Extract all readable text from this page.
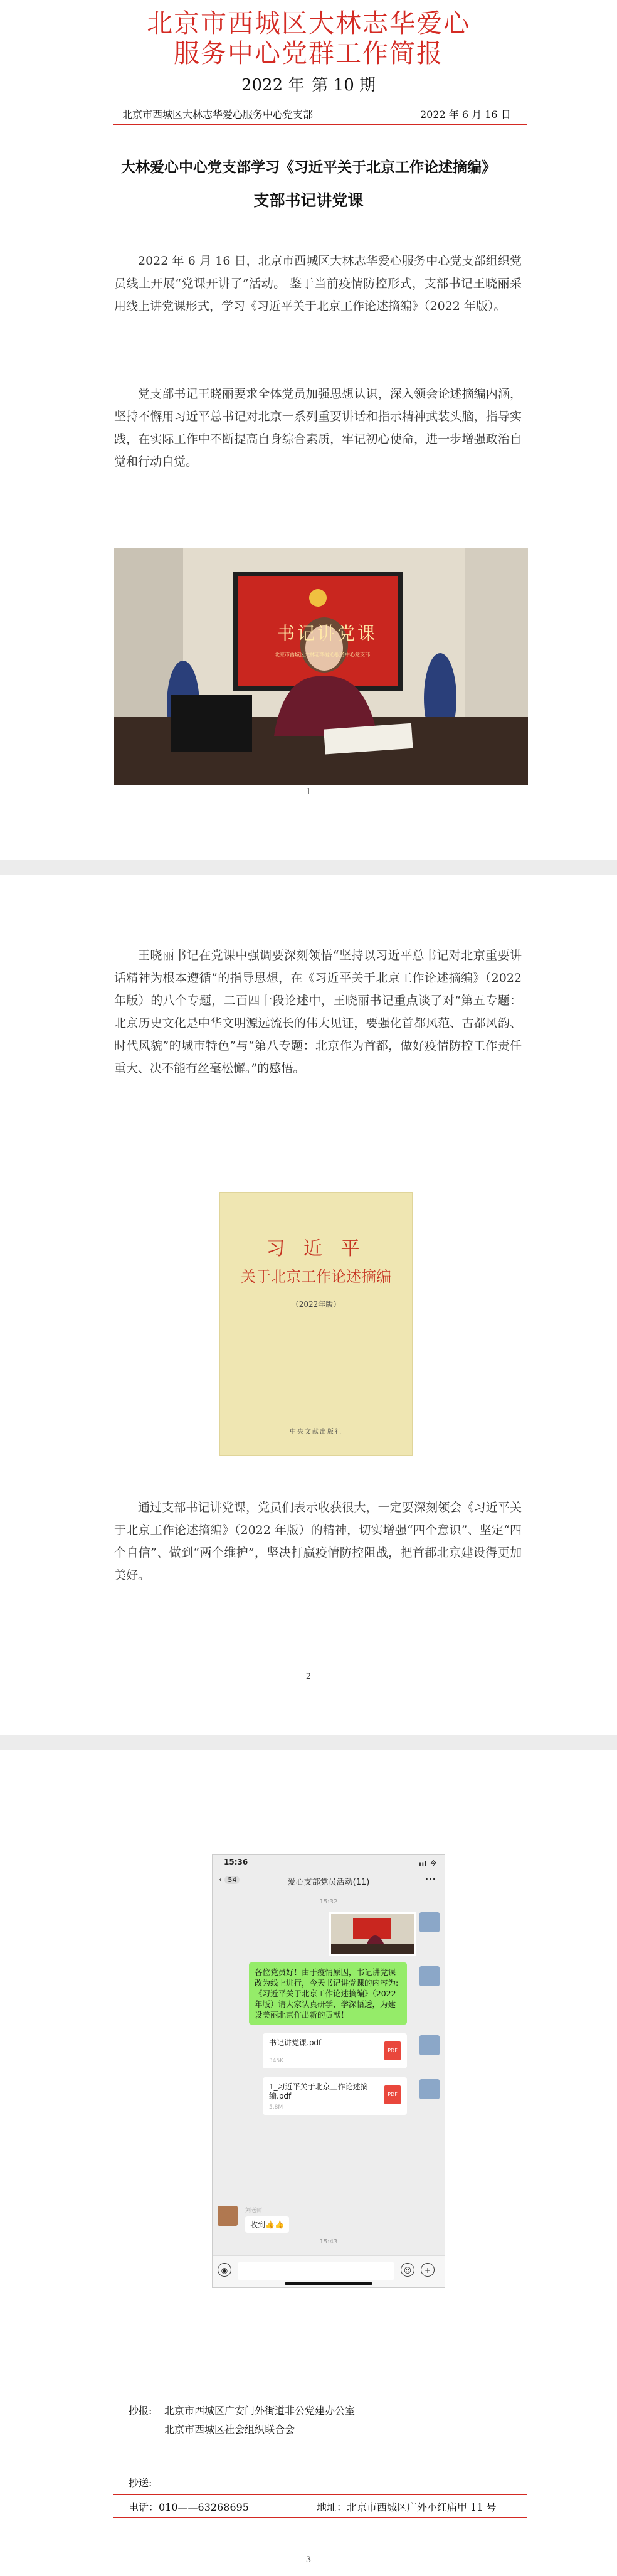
北京市西城区大林志华爱心
服务中心党群工作简报
2022 年 第 10 期
北京市西城区大林志华爱心服务中心党支部	2022 年 6 月 16 日
大林爱心中心党支部学习《习近平关于北京工作论述摘编》
支部书记讲党课
2022 年 6 月 16 日，北京市西城区大林志华爱心服务中心党支部组织党员线上开展“党课开讲了”活动。 鉴于当前疫情防控形式，支部书记王晓丽采用线上讲党课形式，学习《习近平关于北京工作论述摘编》（2022 年版）。
党支部书记王晓丽要求全体党员加强思想认识，深入领会论述摘编内涵，坚持不懈用习近平总书记对北京一系列重要讲话和指示精神武装头脑，指导实践，在实际工作中不断提高自身综合素质，牢记初心使命，进一步增强政治自觉和行动自觉。
书记讲党课
北京市西城区大林志华爱心服务中心党支部
1
王晓丽书记在党课中强调要深刻领悟“坚持以习近平总书记对北京重要讲话精神为根本遵循”的指导思想，在《习近平关于北京工作论述摘编》（2022 年版）的八个专题，二百四十段论述中，王晓丽书记重点谈了对“第五专题：北京历史文化是中华文明源远流长的伟大见证，要强化首都风范、古都风韵、时代风貌”的城市特色”与“第八专题：北京作为首都，做好疫情防控工作责任重大、决不能有丝毫松懈。”的感悟。
习 近 平
关于北京工作论述摘编
（2022年版）
中央文献出版社
通过支部书记讲党课，党员们表示收获很大，一定要深刻领会《习近平关于北京工作论述摘编》（2022 年版）的精神，切实增强“四个意识”、坚定“四个自信”、做到“两个维护”，坚决打赢疫情防控阻战，把首都北京建设得更加美好。
2
15:36	ııl 令
‹ 54	爱心支部党员活动(11)	···
15:32
各位党员好！由于疫情原因，书记讲党课改为线上进行，今天书记讲党课的内容为:《习近平关于北京工作论述摘编》（2022年版）请大家认真研学，学深悟透，为建设美丽北京作出新的贡献！
书记讲党课.pdf
345K
PDF
1_习近平关于北京工作论述摘编.pdf
5.8M
PDF
刘老师
收到👍👍
15:43
◉	☺	+
抄报: 北京市西城区广安门外街道非公党建办公室
北京市西城区社会组织联合会
抄送:
电话：010——63268695	地址：北京市西城区广外小红庙甲 11 号
3
